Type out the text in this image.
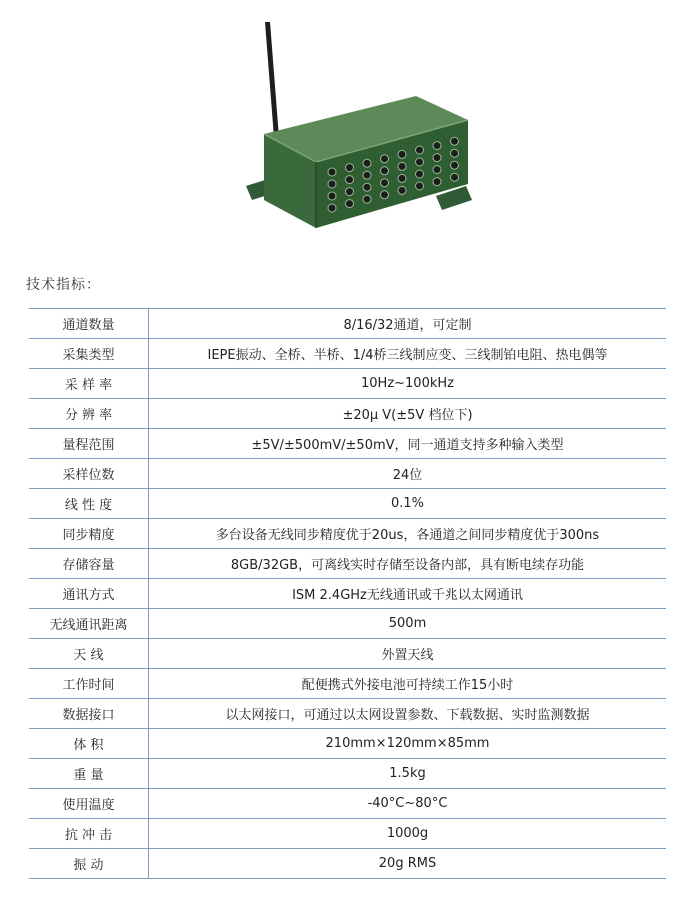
技术指标：
通道数量	8/16/32通道，可定制
采集类型	IEPE振动、全桥、半桥、1/4桥三线制应变、三线制铂电阻、热电偶等
采 样 率	10Hz~100kHz
分 辨 率	±20μ V(±5V 档位下)
量程范围	±5V/±500mV/±50mV，同一通道支持多种输入类型
采样位数	24位
线 性 度	0.1%
同步精度	多台设备无线同步精度优于20us，各通道之间同步精度优于300ns
存储容量	8GB/32GB，可离线实时存储至设备内部，具有断电续存功能
通讯方式	ISM 2.4GHz无线通讯或千兆以太网通讯
无线通讯距离	500m
天 线	外置天线
工作时间	配便携式外接电池可持续工作15小时
数据接口	以太网接口，可通过以太网设置参数、下载数据、实时监测数据
体 积	210mm×120mm×85mm
重 量	1.5kg
使用温度	-40°C~80°C
抗 冲 击	1000g
振 动	20g RMS
